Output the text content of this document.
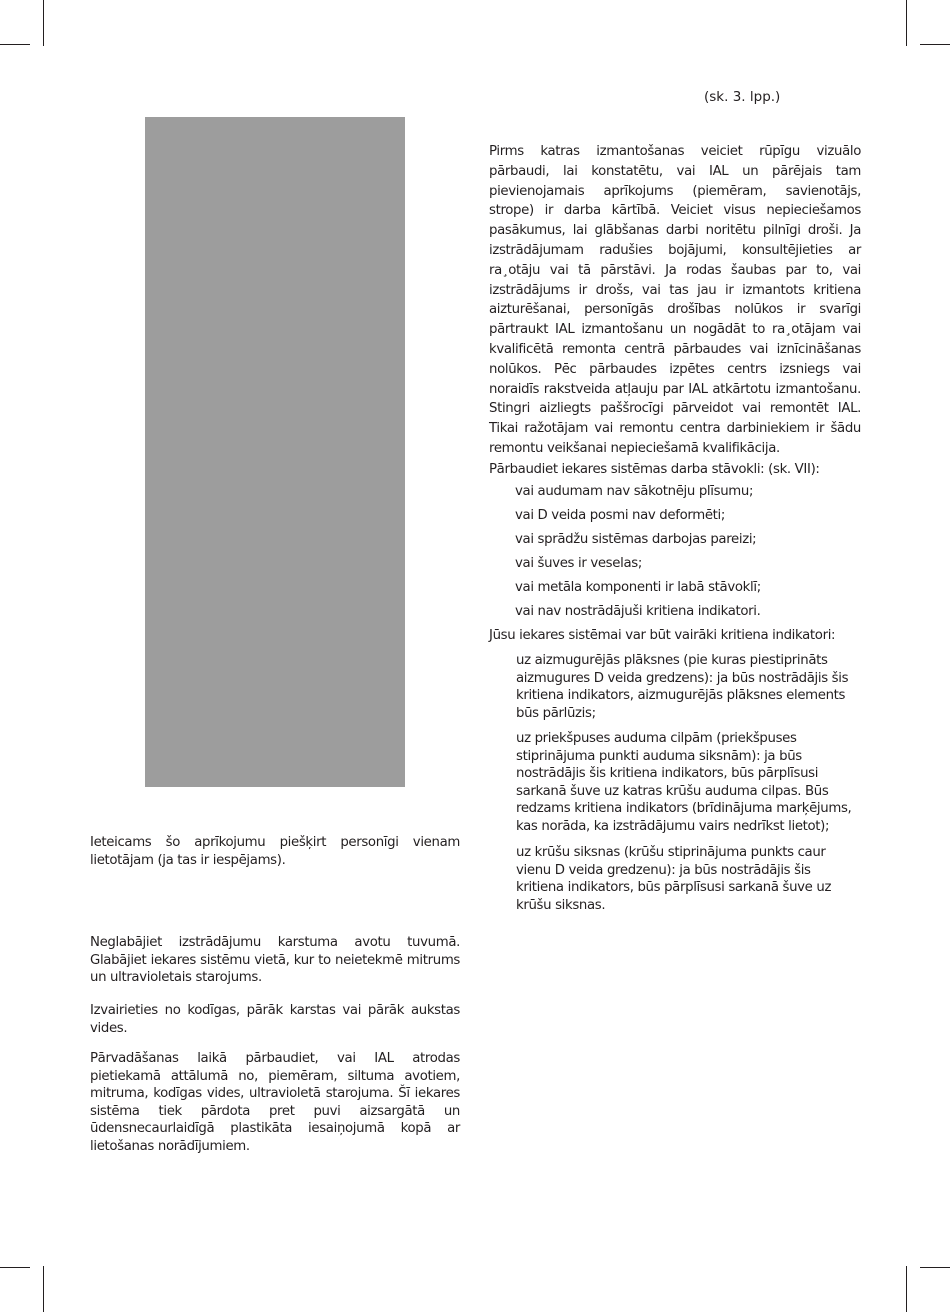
(sk. 3. lpp.)

Pirms katras izmantošanas veiciet rūpīgu vizuālo pārbaudi, lai konstatētu, vai IAL un pārējais tam pievienojamais aprīkojums (piemēram, savienotājs, strope) ir darba kārtībā. Veiciet visus nepieciešamos pasākumus, lai glābšanas darbi noritētu pilnīgi droši. Ja izstrādājumam radušies bojājumi, konsultējieties ar ra¸otāju vai tā pārstāvi. Ja rodas šaubas par to, vai izstrādājums ir drošs, vai tas jau ir izmantots kritiena aizturēšanai, personīgās drošības nolūkos ir svarīgi pārtraukt IAL izmantošanu un nogādāt to ra¸otājam vai kvalificētā remonta centrā pārbaudes vai iznīcināšanas nolūkos. Pēc pārbaudes izpētes centrs izsniegs vai noraidīs rakstveida atļauju par IAL atkārtotu izmantošanu. Stingri aizliegts paššrocīgi pārveidot vai remontēt IAL. Tikai ražotājam vai remontu centra darbiniekiem ir šādu remontu veikšanai nepieciešamā kvalifikācija.

Pārbaudiet iekares sistēmas darba stāvokli: (sk. VII):
vai audumam nav sākotnēju plīsumu;
vai D veida posmi nav deformēti;
vai sprādžu sistēmas darbojas pareizi;
vai šuves ir veselas;
vai metāla komponenti ir labā stāvoklī;
vai nav nostrādājuši kritiena indikatori.
Jūsu iekares sistēmai var būt vairāki kritiena indikatori:
uz aizmugurējās plāksnes (pie kuras piestiprināts aizmugures D veida gredzens): ja būs nostrādājis šis kritiena indikators, aizmugurējās plāksnes elements būs pārlūzis;
uz priekšpuses auduma cilpām (priekšpuses stiprinājuma punkti auduma siksnām): ja būs nostrādājis šis kritiena indikators, būs pārplīsusi sarkanā šuve uz katras krūšu auduma cilpas. Būs redzams kritiena indikators (brīdinājuma marķējums, kas norāda, ka izstrādājumu vairs nedrīkst lietot);
uz krūšu siksnas (krūšu stiprinājuma punkts caur vienu D veida gredzenu): ja būs nostrādājis šis kritiena indikators, būs pārplīsusi sarkanā šuve uz krūšu siksnas.
Ieteicams šo aprīkojumu piešķirt personīgi vienam lietotājam (ja tas ir iespējams).
Neglabājiet izstrādājumu karstuma avotu tuvumā. Glabājiet iekares sistēmu vietā, kur to neietekmē mitrums un ultravioletais starojums.
Izvairieties no kodīgas, pārāk karstas vai pārāk aukstas vides.
Pārvadāšanas laikā pārbaudiet, vai IAL atrodas pietiekamā attālumā no, piemēram, siltuma avotiem, mitruma, kodīgas vides, ultravioletā starojuma. Šī iekares sistēma tiek pārdota pret puvi aizsargātā un ūdensnecaurlaidīgā plastikāta iesaiņojumā kopā ar lietošanas norādījumiem.
